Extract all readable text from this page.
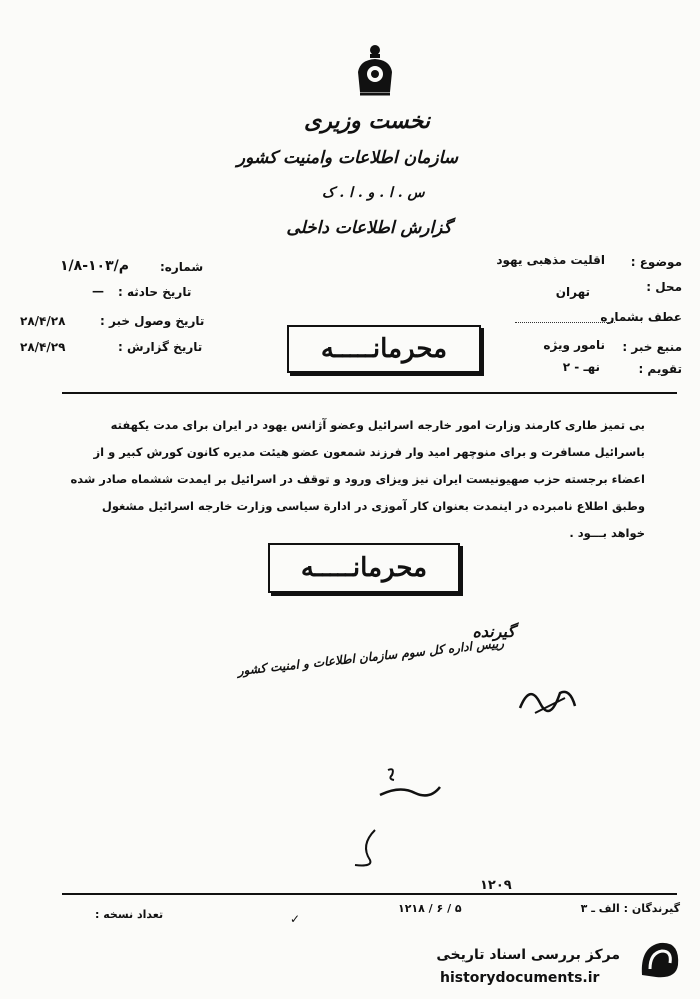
نخست وزیری
سازمان اطلاعات وامنیت کشور
س . ا . و . ا . ک
گزارش اطلاعات داخلی
موضوع :
اقلیت مذهبی یهود
محل :
تهران
عطف بشماره
منبع خبر :
نامور ویژه
تقویم :
نهـ - ۲
شماره:
۱/۸-۱۰۳/م
تاریخ حادثه :
—
تاریخ وصول خبر :
۲۸/۴/۲۸
تاریخ گزارش :
۲۸/۴/۲۹	محرمانـــــه
بی تمیز طاری کارمند وزارت امور خارجه اسرائیل وعضو آژانس یهود در ایران برای مدت یکهفته
باسرائیل مسافرت و برای منوچهر امید وار فرزند شمعون عضو هیئت مدیره کانون کورش کبیر و از
اعضاء برجسته حزب صهیونیست ایران نیز ویزای ورود و توقف در اسرائیل بر ایمدت ششماه صادر شده
وطبق اطلاع نامبرده در اینمدت بعنوان کار آموزی در ادارة سیاسی وزارت خارجه اسرائیل مشغول
خواهد بـــود .
محرمانـــــه
گیرنده
رییس اداره کل سوم سازمان اطلاعات و امنیت کشور
۱۲۰۹
گیرندگان : الف ـ ۳
۱۲۱۸ / ۶ / ۵
تعداد نسخه :	✓
مرکز بررسی اسناد تاریخی
historydocuments.ir
